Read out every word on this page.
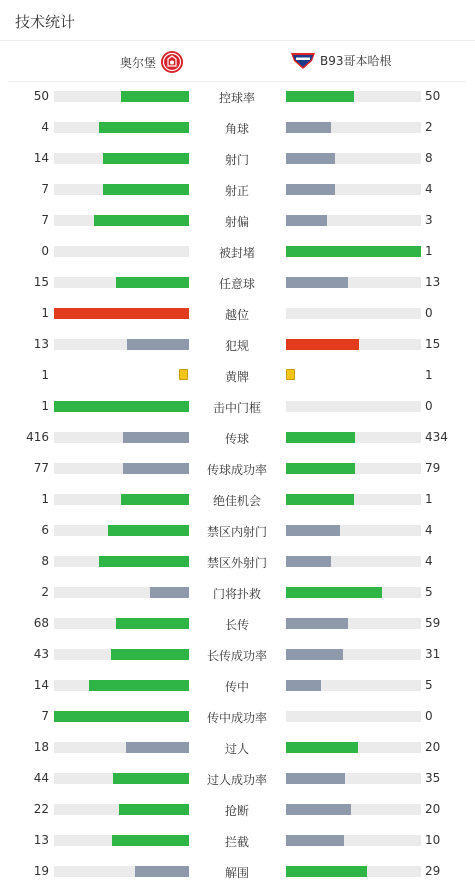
技术统计
奥尔堡	B93哥本哈根
50	控球率	50
4	角球	2
14	射门	8
7	射正	4
7	射偏	3
0	被封堵	1
15	任意球	13
1	越位	0
13	犯规	15
1	黄牌	1
1	击中门框	0
416	传球	434
77	传球成功率	79
1	绝佳机会	1
6	禁区内射门	4
8	禁区外射门	4
2	门将扑救	5
68	长传	59
43	长传成功率	31
14	传中	5
7	传中成功率	0
18	过人	20
44	过人成功率	35
22	抢断	20
13	拦截	10
19	解围	29
